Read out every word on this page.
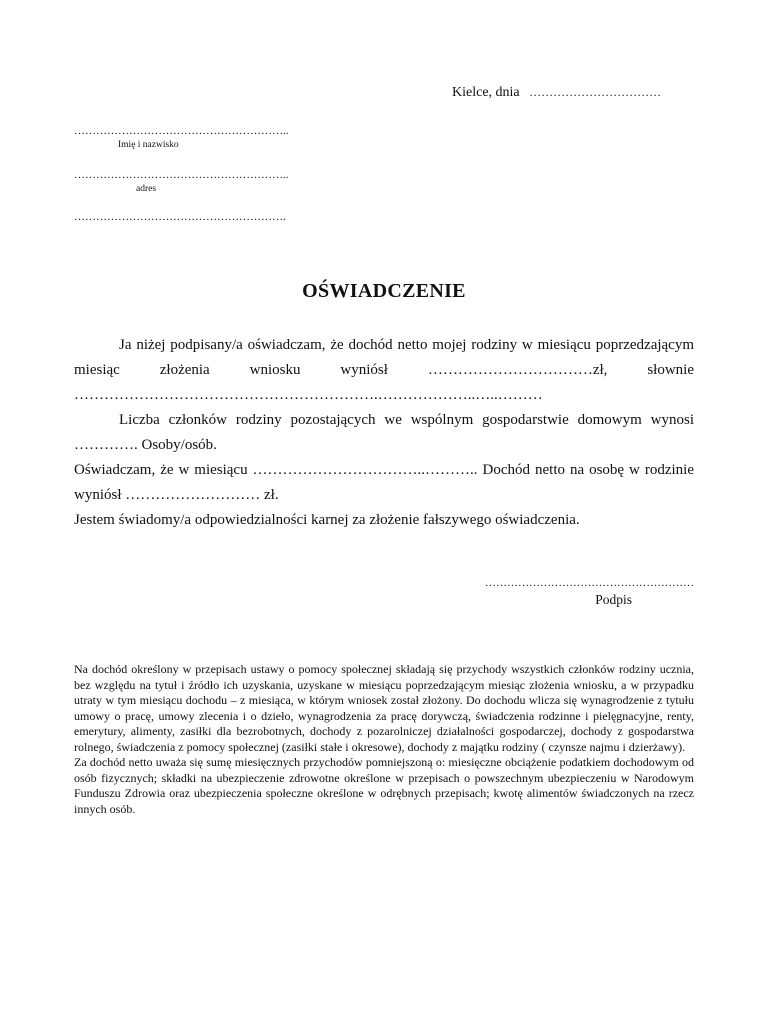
Kielce, dnia ……………………………
…………………………………………………..
Imię i nazwisko
…………………………………………………..
adres
………………………………………………….
OŚWIADCZENIE

Ja niżej podpisany/a oświadczam, że dochód netto mojej rodziny w miesiącu poprzedzającym miesiąc złożenia wniosku wyniósł ……………………………zł, słownie …………………………………………………….………………..…..………

Liczba członków rodziny pozostających we wspólnym gospodarstwie domowym wynosi …………. Osoby/osób.

Oświadczam, że w miesiącu ……………………………..……….. Dochód netto na osobę w rodzinie wyniósł ……………………… zł.

Jestem świadomy/a odpowiedzialności karnej za złożenie fałszywego oświadczenia.

…………………………………………………
Podpis

Na dochód określony w przepisach ustawy o pomocy społecznej składają się przychody wszystkich członków rodziny ucznia, bez względu na tytuł i źródło ich uzyskania, uzyskane w miesiącu poprzedzającym miesiąc złożenia wniosku, a w przypadku utraty w tym miesiącu dochodu – z miesiąca, w którym wniosek został złożony. Do dochodu wlicza się wynagrodzenie z tytułu umowy o pracę, umowy zlecenia i o dzieło, wynagrodzenia za pracę dorywczą, świadczenia rodzinne i pielęgnacyjne, renty, emerytury, alimenty, zasiłki dla bezrobotnych, dochody z pozarolniczej działalności gospodarczej, dochody z gospodarstwa rolnego, świadczenia z pomocy społecznej (zasiłki stałe i okresowe), dochody z majątku rodziny ( czynsze najmu i dzierżawy).

Za dochód netto uważa się sumę miesięcznych przychodów pomniejszoną o: miesięczne obciążenie podatkiem dochodowym od osób fizycznych; składki na ubezpieczenie zdrowotne określone w przepisach o powszechnym ubezpieczeniu w Narodowym Funduszu Zdrowia oraz ubezpieczenia społeczne określone w odrębnych przepisach; kwotę alimentów świadczonych na rzecz innych osób.
